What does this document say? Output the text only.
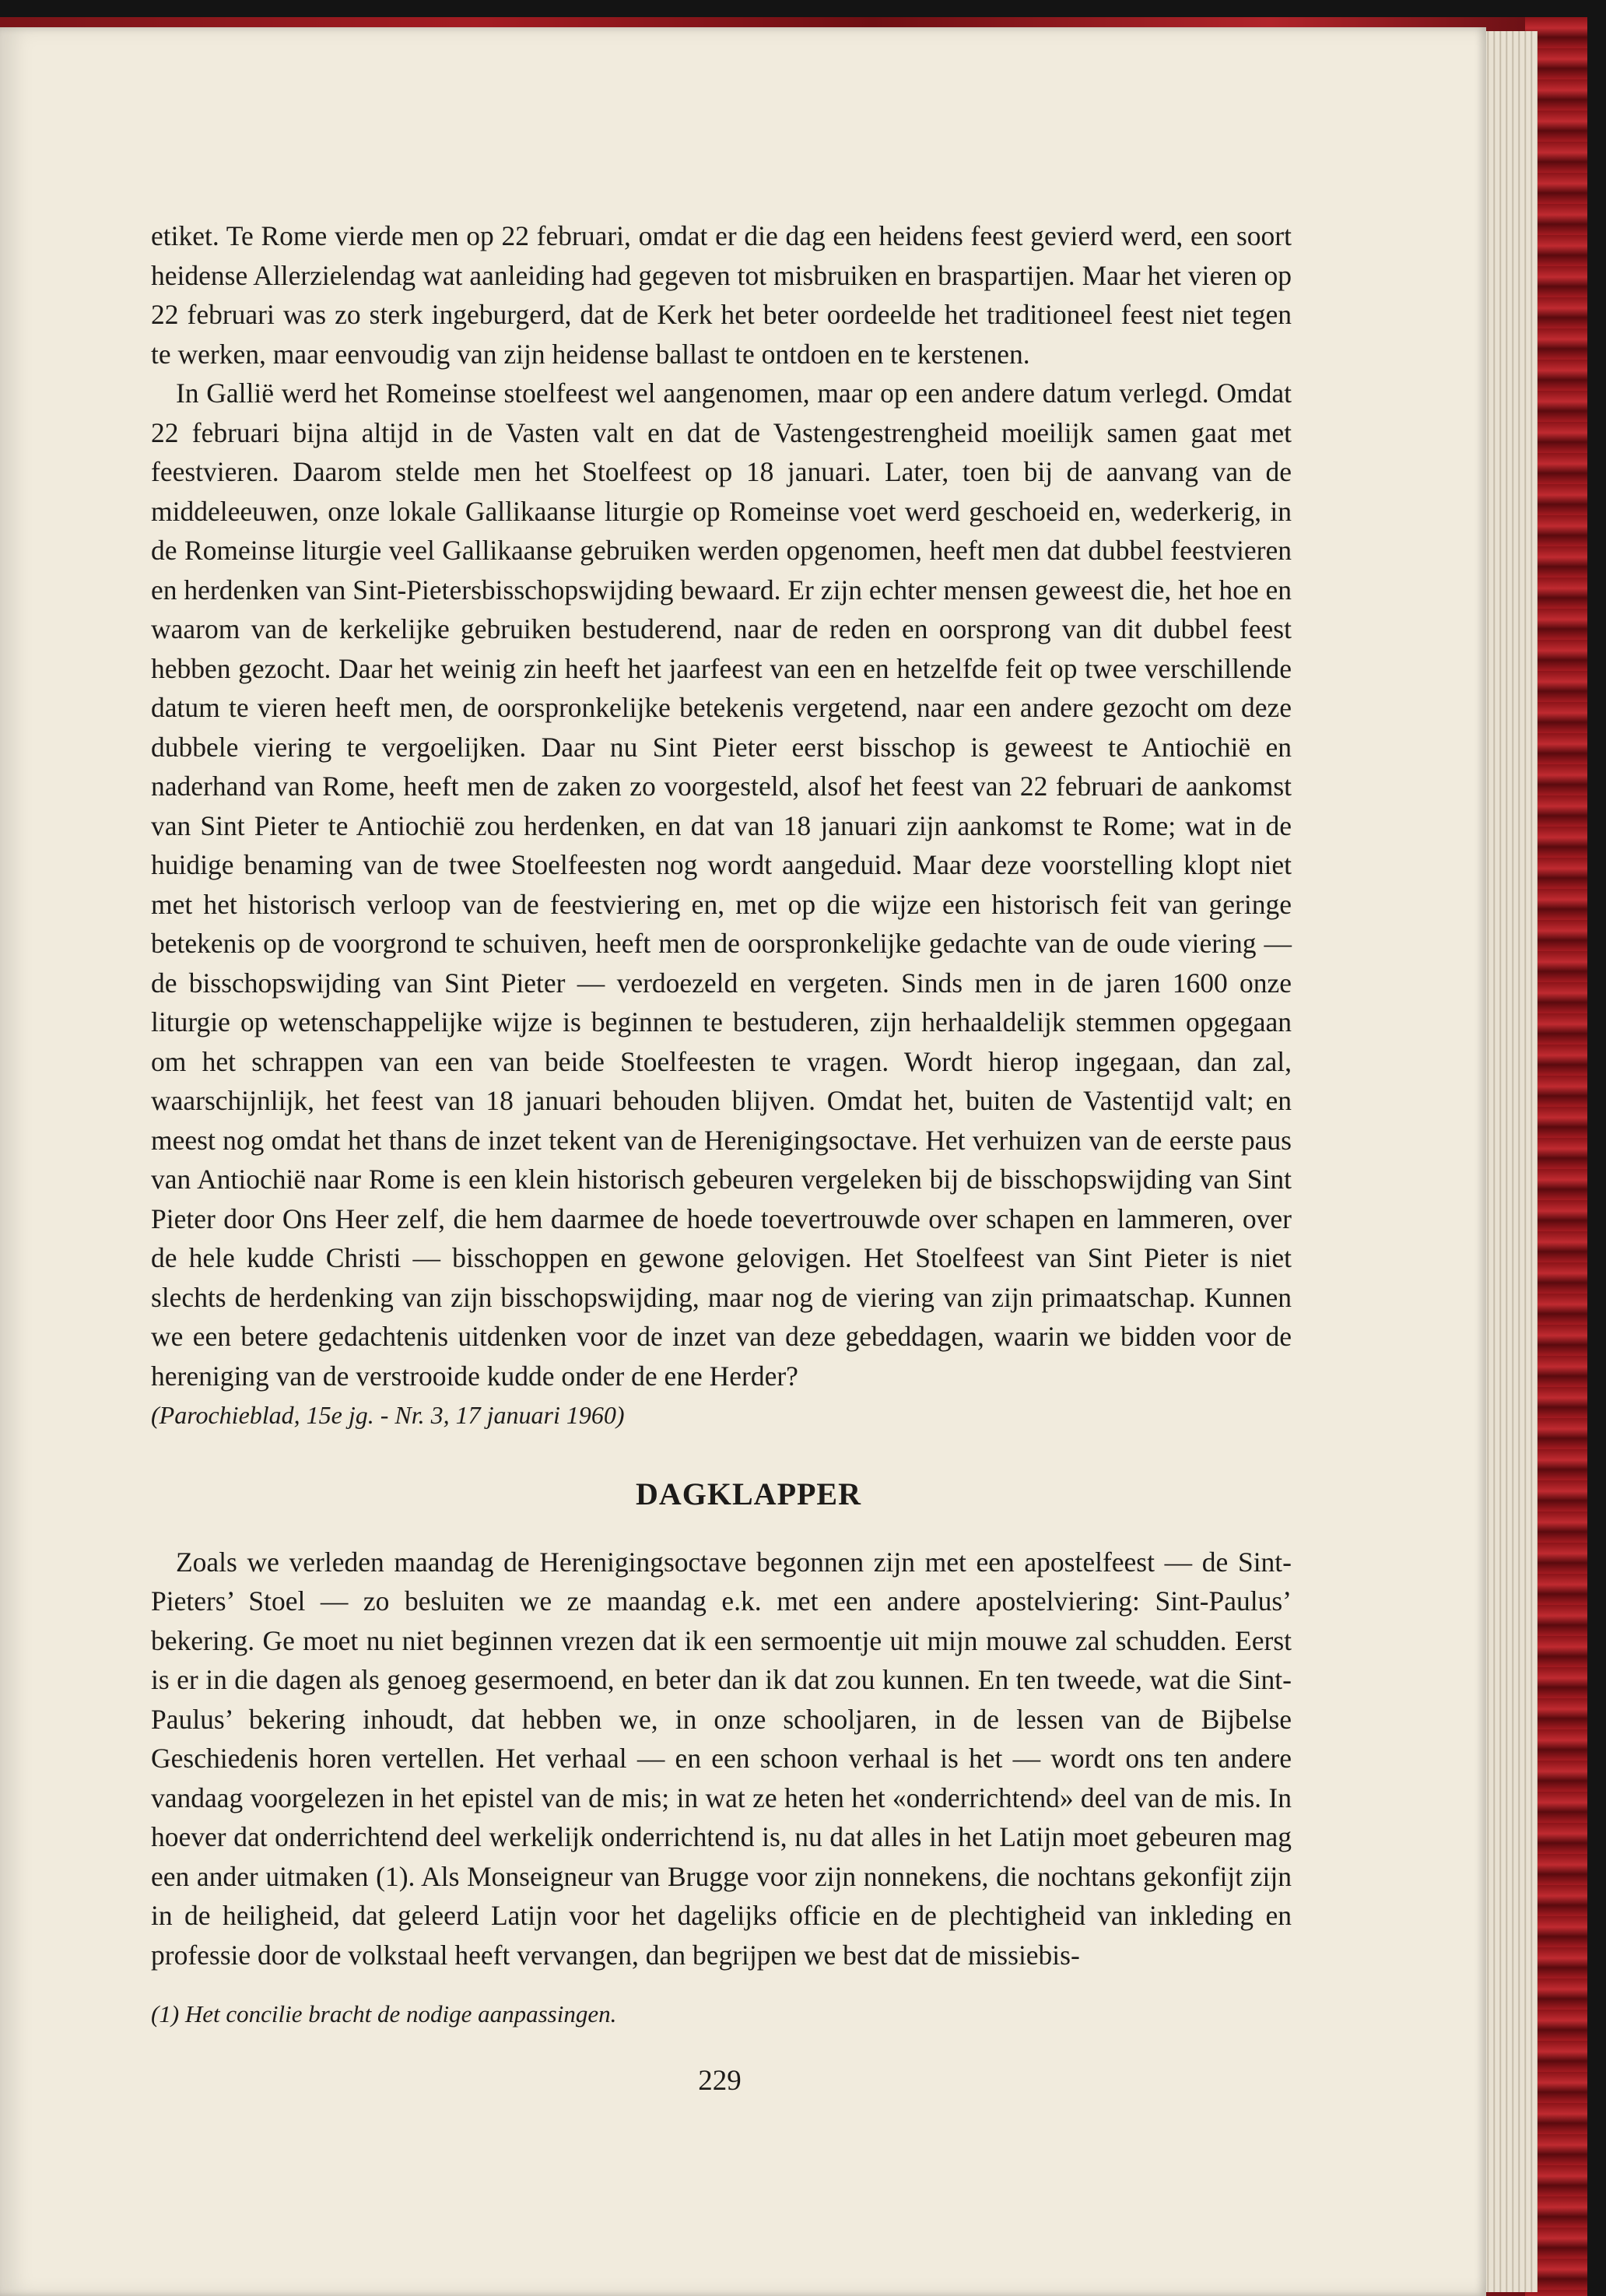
etiket. Te Rome vierde men op 22 februari, omdat er die dag een heidens feest gevierd werd, een soort heidense Allerzielendag wat aanleiding had gegeven tot misbruiken en braspartijen. Maar het vieren op 22 februari was zo sterk ingeburgerd, dat de Kerk het beter oordeelde het traditioneel feest niet tegen te werken, maar eenvoudig van zijn heidense ballast te ontdoen en te kerstenen.

In Gallië werd het Romeinse stoelfeest wel aangenomen, maar op een andere datum verlegd. Omdat 22 februari bijna altijd in de Vasten valt en dat de Vastengestrengheid moeilijk samen gaat met feestvieren. Daarom stelde men het Stoelfeest op 18 januari. Later, toen bij de aanvang van de middeleeuwen, onze lokale Gallikaanse liturgie op Romeinse voet werd geschoeid en, wederkerig, in de Romeinse liturgie veel Gallikaanse gebruiken werden opgenomen, heeft men dat dubbel feestvieren en herdenken van Sint-Pietersbisschopswijding bewaard. Er zijn echter mensen geweest die, het hoe en waarom van de kerkelijke gebruiken bestuderend, naar de reden en oorsprong van dit dubbel feest hebben gezocht. Daar het weinig zin heeft het jaarfeest van een en hetzelfde feit op twee verschillende datum te vieren heeft men, de oorspronkelijke betekenis vergetend, naar een andere gezocht om deze dubbele viering te vergoelijken. Daar nu Sint Pieter eerst bisschop is geweest te Antiochië en naderhand van Rome, heeft men de zaken zo voorgesteld, alsof het feest van 22 februari de aankomst van Sint Pieter te Antiochië zou herdenken, en dat van 18 januari zijn aankomst te Rome; wat in de huidige benaming van de twee Stoelfeesten nog wordt aangeduid. Maar deze voorstelling klopt niet met het historisch verloop van de feestviering en, met op die wijze een historisch feit van geringe betekenis op de voorgrond te schuiven, heeft men de oorspronkelijke gedachte van de oude viering — de bisschopswijding van Sint Pieter — verdoezeld en vergeten. Sinds men in de jaren 1600 onze liturgie op wetenschappelijke wijze is beginnen te bestuderen, zijn herhaaldelijk stemmen opgegaan om het schrappen van een van beide Stoelfeesten te vragen. Wordt hierop ingegaan, dan zal, waarschijnlijk, het feest van 18 januari behouden blijven. Omdat het, buiten de Vastentijd valt; en meest nog omdat het thans de inzet tekent van de Herenigingsoctave. Het verhuizen van de eerste paus van Antiochië naar Rome is een klein historisch gebeuren vergeleken bij de bisschopswijding van Sint Pieter door Ons Heer zelf, die hem daarmee de hoede toevertrouwde over schapen en lammeren, over de hele kudde Christi — bisschoppen en gewone gelovigen. Het Stoelfeest van Sint Pieter is niet slechts de herdenking van zijn bisschopswijding, maar nog de viering van zijn primaatschap. Kunnen we een betere gedachtenis uitdenken voor de inzet van deze gebeddagen, waarin we bidden voor de hereniging van de verstrooide kudde onder de ene Herder?

(Parochieblad, 15e jg. - Nr. 3, 17 januari 1960)

DAGKLAPPER

Zoals we verleden maandag de Herenigingsoctave begonnen zijn met een apostelfeest — de Sint-Pieters’ Stoel — zo besluiten we ze maandag e.k. met een andere apostelviering: Sint-Paulus’ bekering. Ge moet nu niet beginnen vrezen dat ik een sermoentje uit mijn mouwe zal schudden. Eerst is er in die dagen als genoeg gesermoend, en beter dan ik dat zou kunnen. En ten tweede, wat die Sint-Paulus’ bekering inhoudt, dat hebben we, in onze schooljaren, in de lessen van de Bijbelse Geschiedenis horen vertellen. Het verhaal — en een schoon verhaal is het — wordt ons ten andere vandaag voorgelezen in het epistel van de mis; in wat ze heten het «onderrichtend» deel van de mis. In hoever dat onderrichtend deel werkelijk onderrichtend is, nu dat alles in het Latijn moet gebeuren mag een ander uitmaken (1). Als Monseigneur van Brugge voor zijn nonnekens, die nochtans gekonfijt zijn in de heiligheid, dat geleerd Latijn voor het dagelijks officie en de plechtigheid van inkleding en professie door de volkstaal heeft vervangen, dan begrijpen we best dat de missiebis-

(1) Het concilie bracht de nodige aanpassingen.
229
